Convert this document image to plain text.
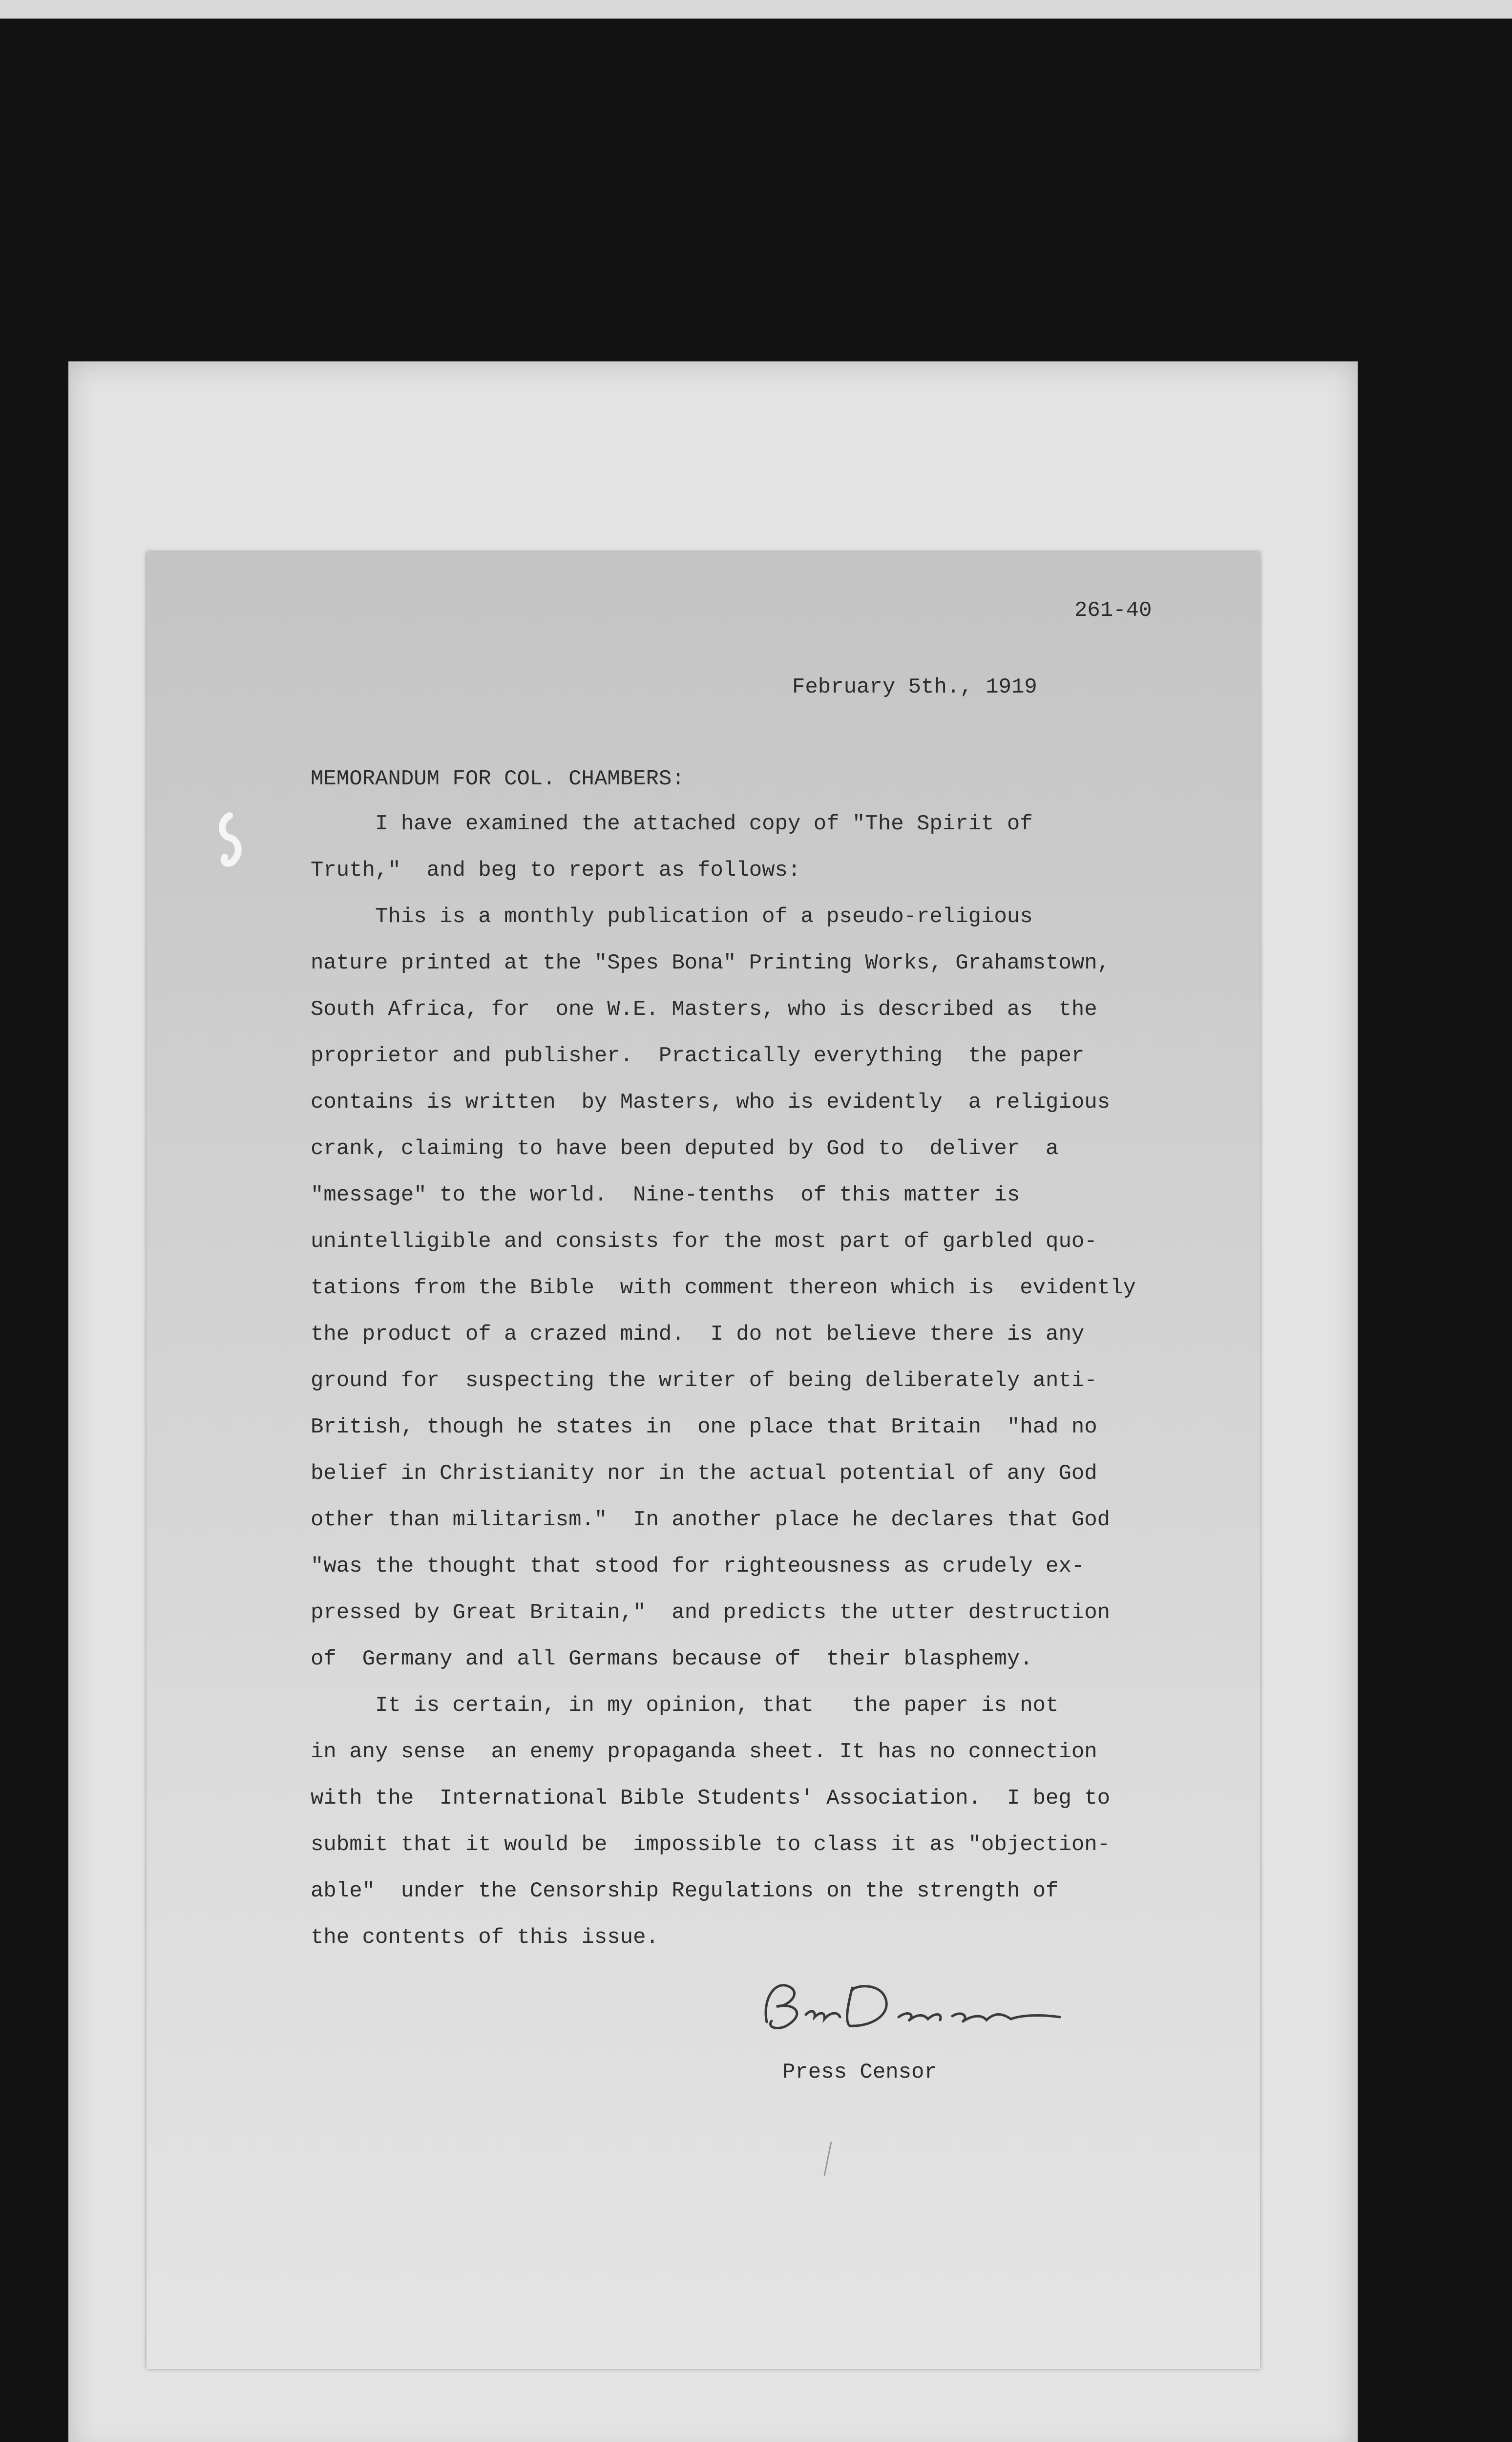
261-40
February 5th., 1919
MEMORANDUM FOR COL. CHAMBERS:
I have examined the attached copy of "The Spirit of
Truth,"  and beg to report as follows:
This is a monthly publication of a pseudo-religious
nature printed at the "Spes Bona" Printing Works, Grahamstown,
South Africa, for  one W.E. Masters, who is described as  the
proprietor and publisher.  Practically everything  the paper
contains is written  by Masters, who is evidently  a religious
crank, claiming to have been deputed by God to  deliver  a
"message" to the world.  Nine-tenths  of this matter is
unintelligible and consists for the most part of garbled quo-
tations from the Bible  with comment thereon which is  evidently
the product of a crazed mind.  I do not believe there is any
ground for  suspecting the writer of being deliberately anti-
British, though he states in  one place that Britain  "had no
belief in Christianity nor in the actual potential of any God
other than militarism."  In another place he declares that God
"was the thought that stood for righteousness as crudely ex-
pressed by Great Britain,"  and predicts the utter destruction
of  Germany and all Germans because of  their blasphemy.
It is certain, in my opinion, that   the paper is not
in any sense  an enemy propaganda sheet. It has no connection
with the  International Bible Students' Association.  I beg to
submit that it would be  impossible to class it as "objection-
able"  under the Censorship Regulations on the strength of
the contents of this issue.
Press Censor
